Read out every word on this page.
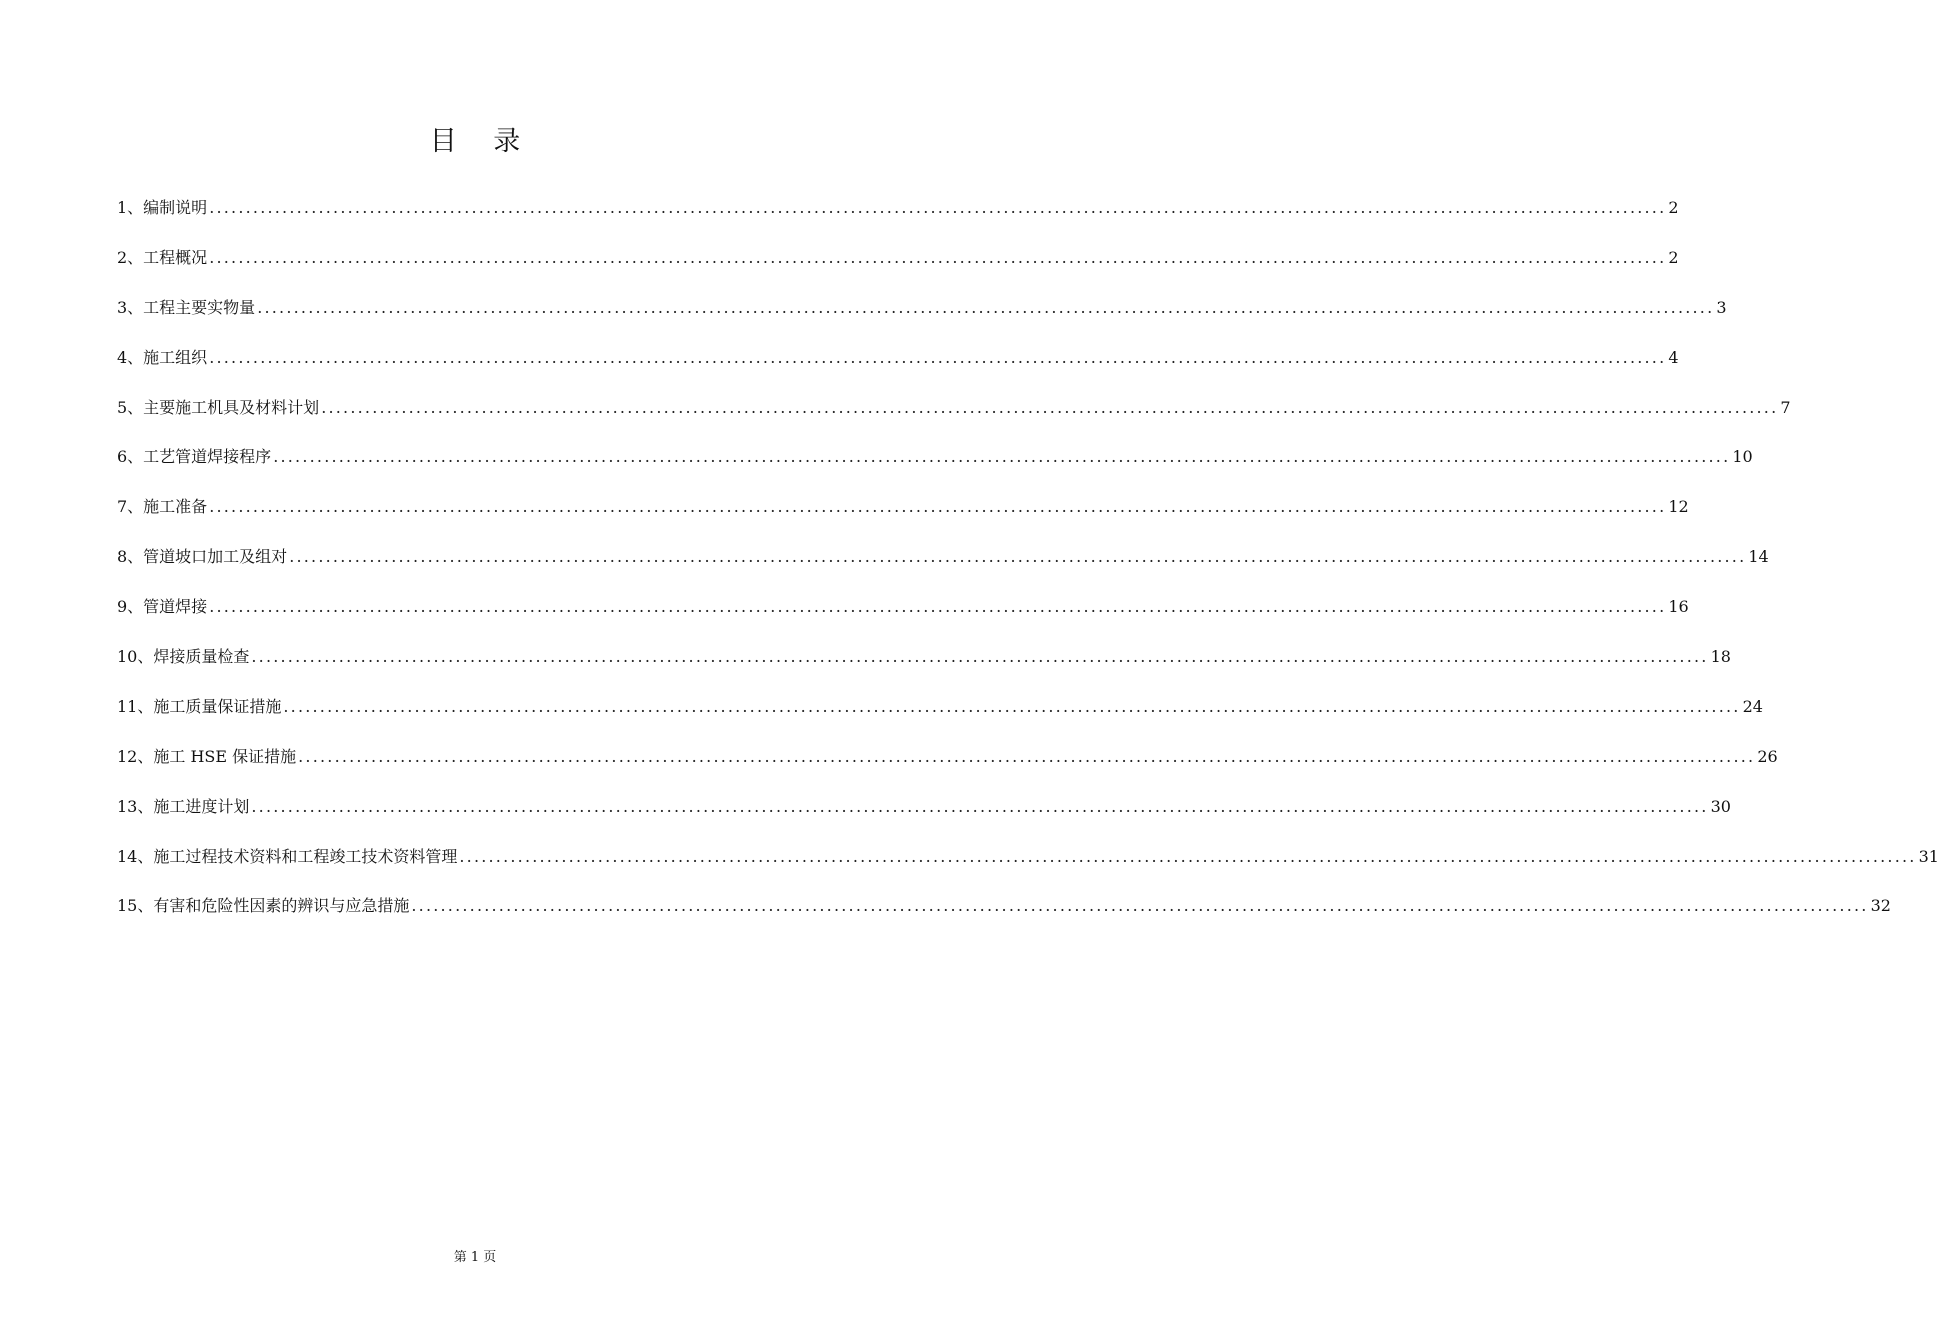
目 录
1、编制说明 ........................................................................................................................................................................................................ 2
2、工程概况 ........................................................................................................................................................................................................ 2
3、工程主要实物量 ........................................................................................................................................................................................................ 3
4、施工组织 ........................................................................................................................................................................................................ 4
5、主要施工机具及材料计划 ........................................................................................................................................................................................................ 7
6、工艺管道焊接程序 ........................................................................................................................................................................................................ 10
7、施工准备 ........................................................................................................................................................................................................ 12
8、管道坡口加工及组对 ........................................................................................................................................................................................................ 14
9、管道焊接 ........................................................................................................................................................................................................ 16
10、焊接质量检查 ........................................................................................................................................................................................................ 18
11、施工质量保证措施 ........................................................................................................................................................................................................ 24
12、施工 HSE 保证措施 ........................................................................................................................................................................................................ 26
13、施工进度计划 ........................................................................................................................................................................................................ 30
14、施工过程技术资料和工程竣工技术资料管理 ........................................................................................................................................................................................................ 31
15、有害和危险性因素的辨识与应急措施 ........................................................................................................................................................................................................ 32
第 1 页
